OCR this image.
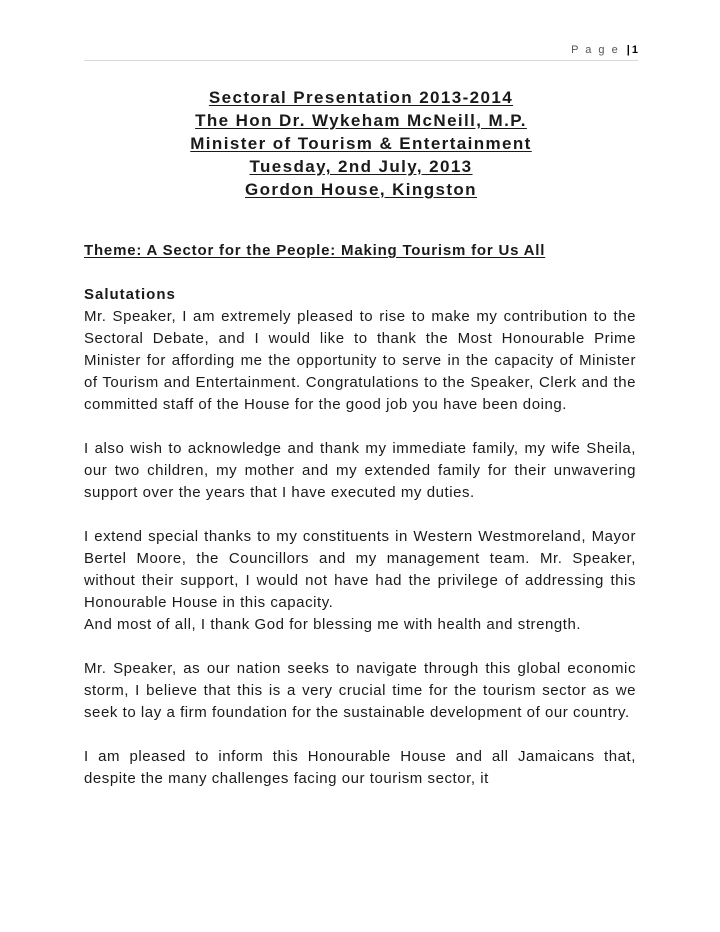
P a g e |1
Sectoral Presentation 2013-2014
The Hon Dr. Wykeham McNeill, M.P.
Minister of Tourism & Entertainment
Tuesday, 2nd July, 2013
Gordon House, Kingston

Theme: A Sector for the People: Making Tourism for Us All

Salutations

Mr. Speaker, I am extremely pleased to rise to make my contribution to the Sectoral Debate, and I would like to thank the Most Honourable Prime Minister for affording me the opportunity to serve in the capacity of Minister of Tourism and Entertainment. Congratulations to the Speaker, Clerk and the committed staff of the House for the good job you have been doing.

I also wish to acknowledge and thank my immediate family, my wife Sheila, our two children, my mother and my extended family for their unwavering support over the years that I have executed my duties.

I extend special thanks to my constituents in Western Westmoreland, Mayor Bertel Moore, the Councillors and my management team. Mr. Speaker, without their support, I would not have had the privilege of addressing this Honourable House in this capacity.

And most of all, I thank God for blessing me with health and strength.

Mr. Speaker, as our nation seeks to navigate through this global economic storm, I believe that this is a very crucial time for the tourism sector as we seek to lay a firm foundation for the sustainable development of our country.

I am pleased to inform this Honourable House and all Jamaicans that, despite the many challenges facing our tourism sector, it
